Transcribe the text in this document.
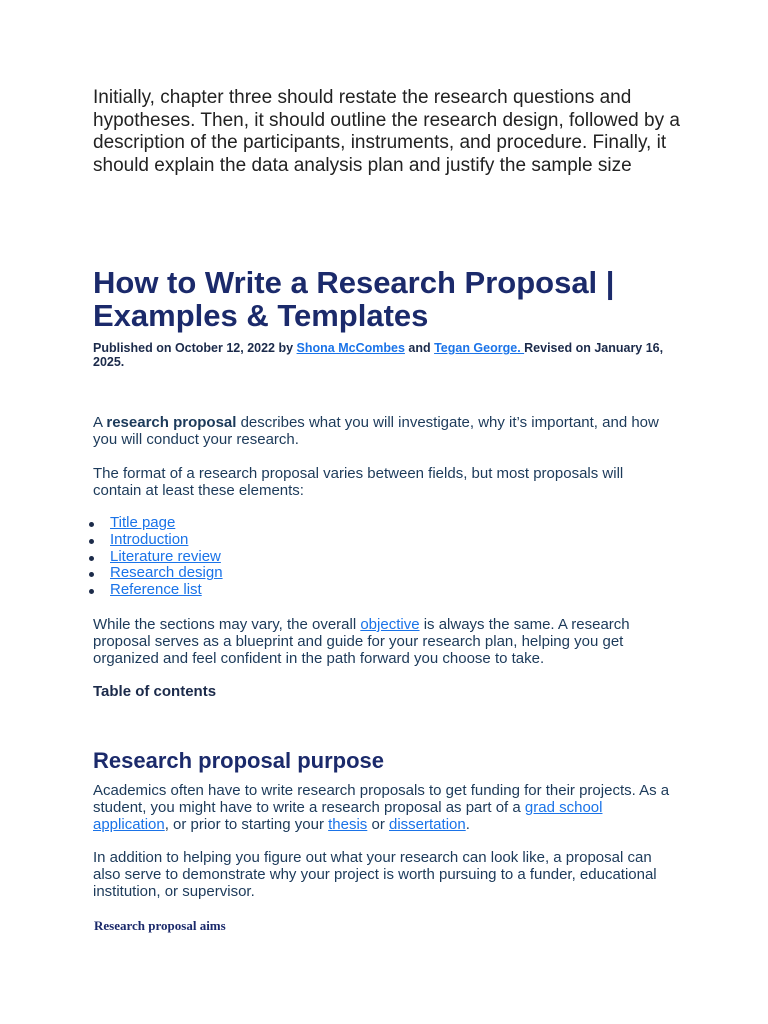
Initially, chapter three should restate the research questions and hypotheses. Then, it should outline the research design, followed by a description of the participants, instruments, and procedure. Finally, it should explain the data analysis plan and justify the sample size
How to Write a Research Proposal | Examples & Templates
Published on October 12, 2022 by Shona McCombes and Tegan George. Revised on January 16, 2025.
A research proposal describes what you will investigate, why it’s important, and how you will conduct your research.
The format of a research proposal varies between fields, but most proposals will contain at least these elements:
Title page
Introduction
Literature review
Research design
Reference list
While the sections may vary, the overall objective is always the same. A research proposal serves as a blueprint and guide for your research plan, helping you get organized and feel confident in the path forward you choose to take.
Table of contents
Research proposal purpose
Academics often have to write research proposals to get funding for their projects. As a student, you might have to write a research proposal as part of a grad school application, or prior to starting your thesis or dissertation.
In addition to helping you figure out what your research can look like, a proposal can also serve to demonstrate why your project is worth pursuing to a funder, educational institution, or supervisor.
Research proposal aims
